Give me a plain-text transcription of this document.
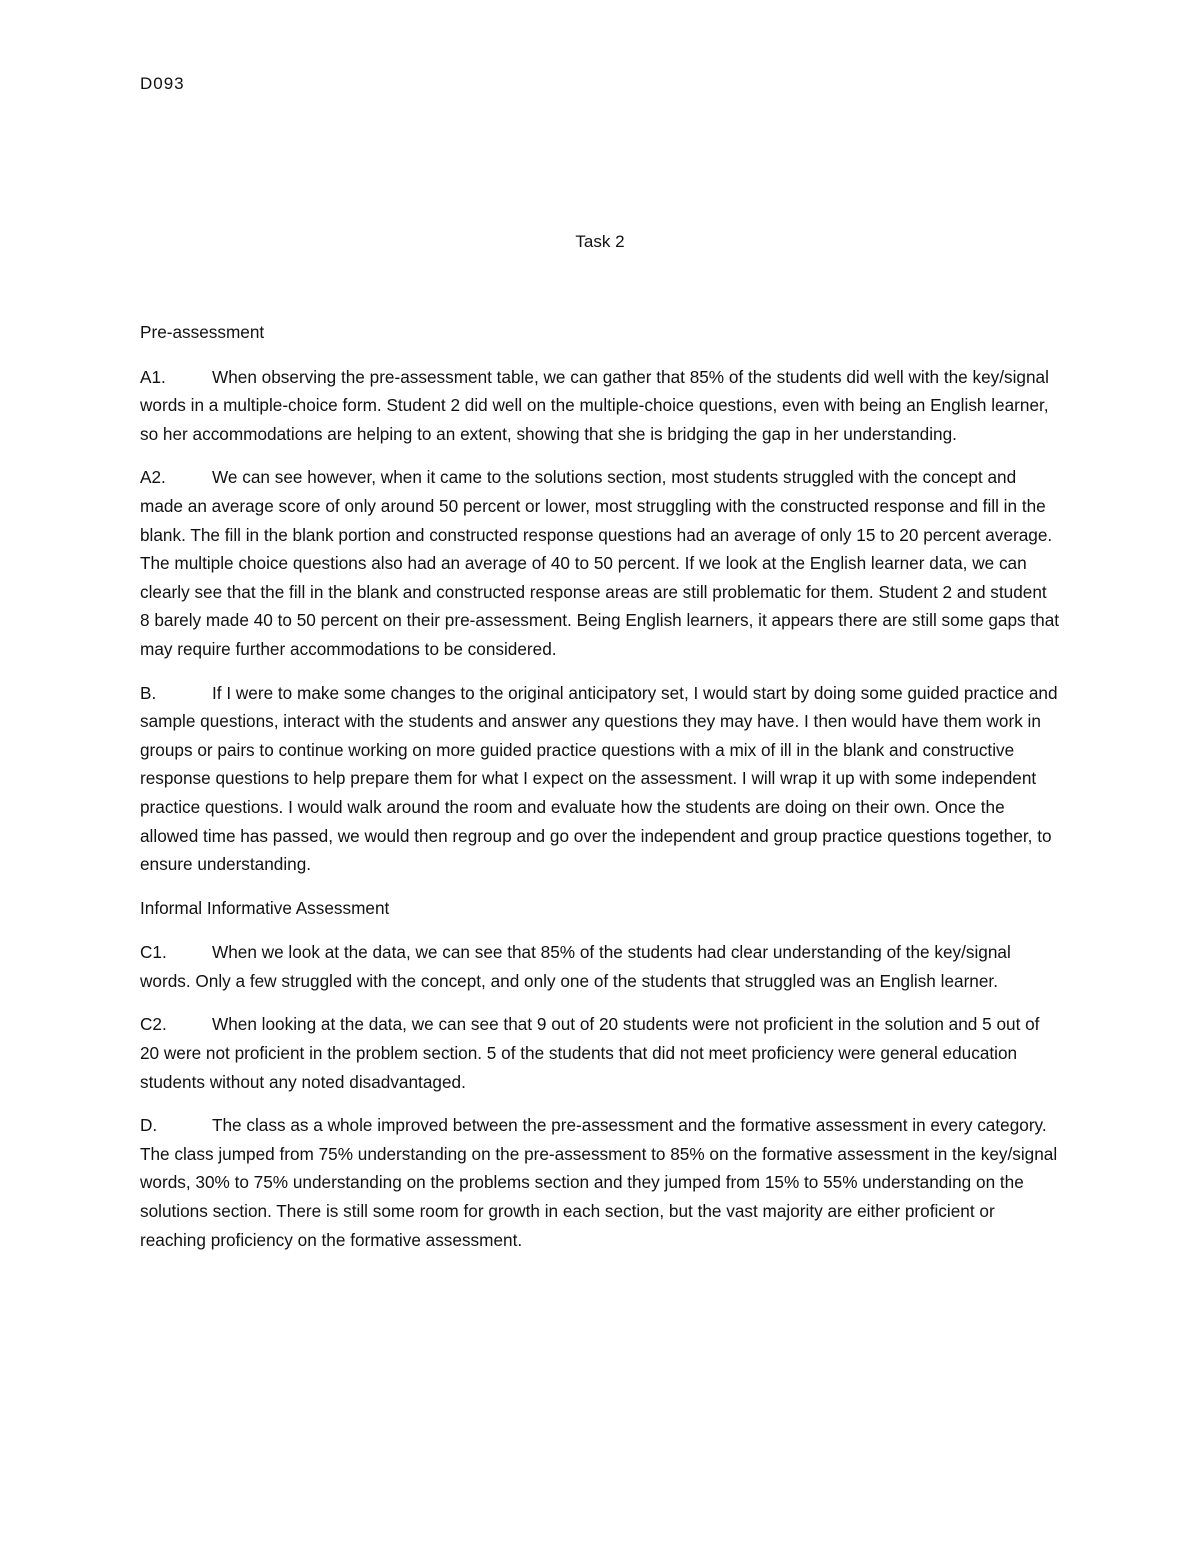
D093
Task 2
Pre-assessment

A1.	When observing the pre-assessment table, we can gather that 85% of the students did well with the key/signal words in a multiple-choice form. Student 2 did well on the multiple-choice questions, even with being an English learner, so her accommodations are helping to an extent, showing that she is bridging the gap in her understanding.

A2.	We can see however, when it came to the solutions section, most students struggled with the concept and made an average score of only around 50 percent or lower, most struggling with the constructed response and fill in the blank. The fill in the blank portion and constructed response questions had an average of only 15 to 20 percent average. The multiple choice questions also had an average of 40 to 50 percent. If we look at the English learner data, we can clearly see that the fill in the blank and constructed response areas are still problematic for them. Student 2 and student 8 barely made 40 to 50 percent on their pre-assessment. Being English learners, it appears there are still some gaps that may require further accommodations to be considered.

B.	If I were to make some changes to the original anticipatory set, I would start by doing some guided practice and sample questions, interact with the students and answer any questions they may have. I then would have them work in groups or pairs to continue working on more guided practice questions with a mix of ill in the blank and constructive response questions to help prepare them for what I expect on the assessment. I will wrap it up with some independent practice questions. I would walk around the room and evaluate how the students are doing on their own. Once the allowed time has passed, we would then regroup and go over the independent and group practice questions together, to ensure understanding.

Informal Informative Assessment

C1.	When we look at the data, we can see that 85% of the students had clear understanding of the key/signal words. Only a few struggled with the concept, and only one of the students that struggled was an English learner.

C2.	When looking at the data, we can see that 9 out of 20 students were not proficient in the solution and 5 out of 20 were not proficient in the problem section. 5 of the students that did not meet proficiency were general education students without any noted disadvantaged.

D.	The class as a whole improved between the pre-assessment and the formative assessment in every category. The class jumped from 75% understanding on the pre-assessment to 85% on the formative assessment in the key/signal words, 30% to 75% understanding on the problems section and they jumped from 15% to 55% understanding on the solutions section. There is still some room for growth in each section, but the vast majority are either proficient or reaching proficiency on the formative assessment.
